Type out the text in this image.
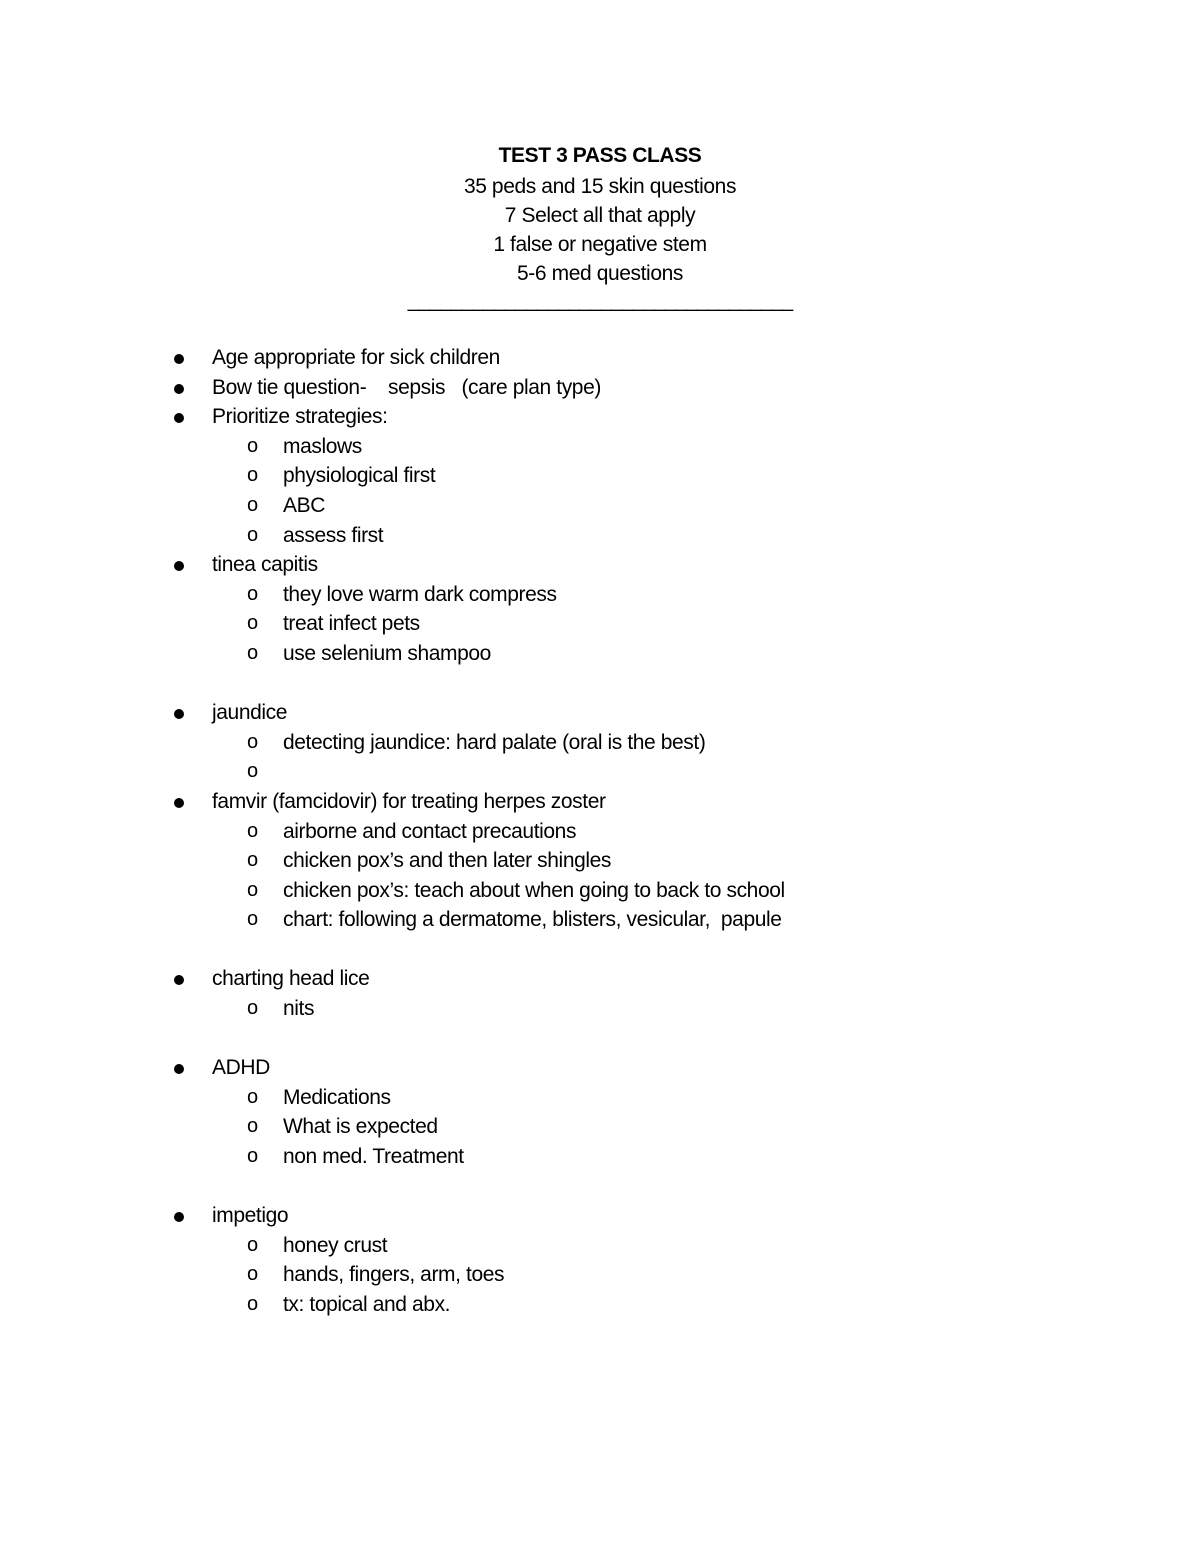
TEST 3 PASS CLASS
35 peds and 15 skin questions
7 Select all that apply
1 false or negative stem
5-6 med questions
____________________________________
Age appropriate for sick children
Bow tie question-    sepsis   (care plan type)
Prioritize strategies:
o maslows
o physiological first
o ABC
o assess first
tinea capitis
o they love warm dark compress
o treat infect pets
o use selenium shampoo
jaundice
o detecting jaundice: hard palate (oral is the best)
o
famvir (famcidovir) for treating herpes zoster
o airborne and contact precautions
o chicken pox’s and then later shingles
o chicken pox’s: teach about when going to back to school
o chart: following a dermatome, blisters, vesicular,  papule
charting head lice
o nits
ADHD
o Medications
o What is expected
o non med. Treatment
impetigo
o honey crust
o hands, fingers, arm, toes
o tx: topical and abx.
